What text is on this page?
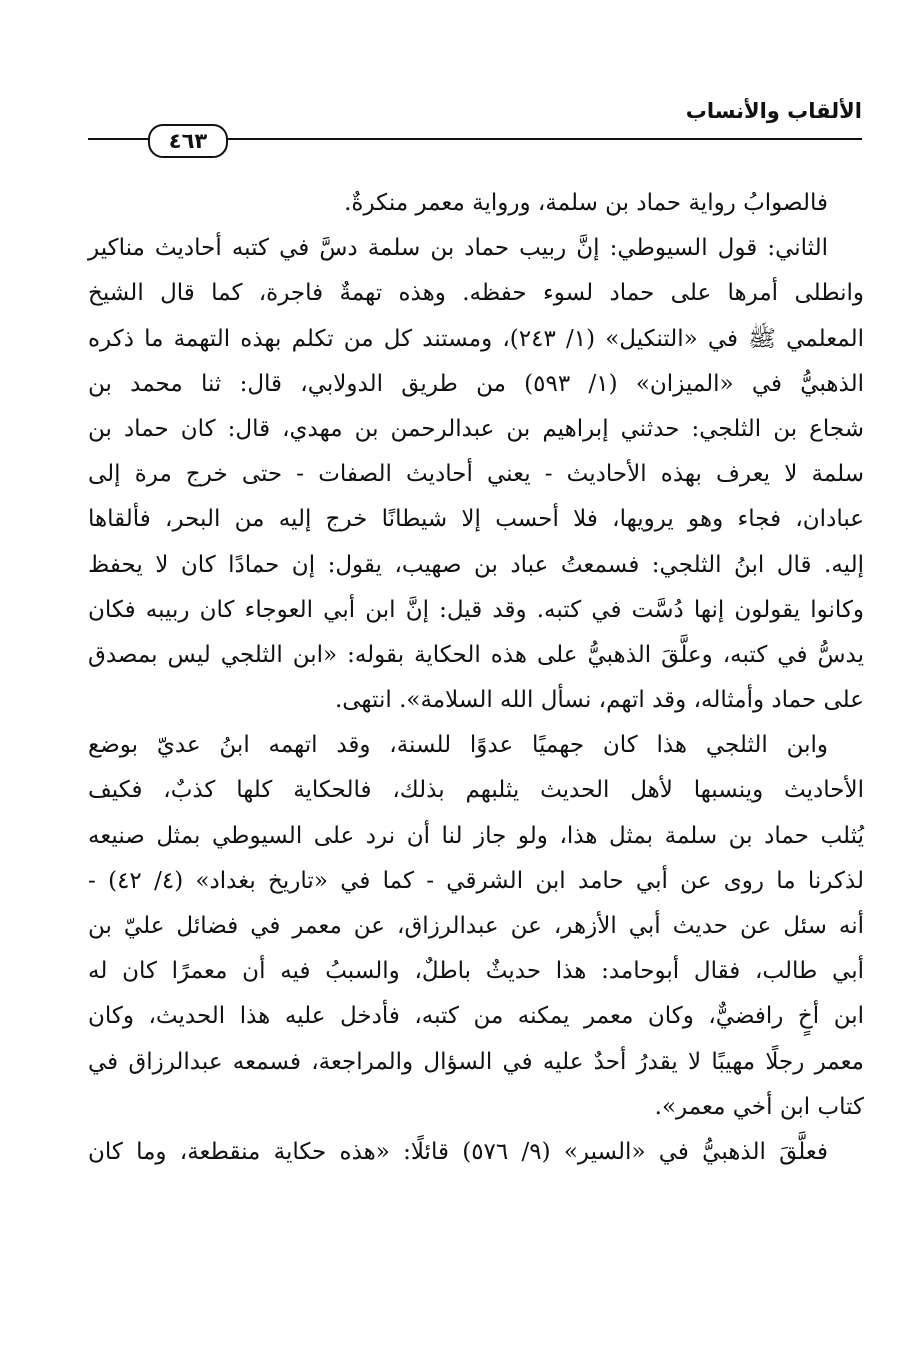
الألقاب والأنساب
٤٦٣
فالصوابُ رواية حماد بن سلمة، ورواية معمر منكرةٌ.
الثاني: قول السيوطي: إنَّ ربيب حماد بن سلمة دسَّ في كتبه أحاديث مناكير
وانطلى أمرها على حماد لسوء حفظه. وهذه تهمةٌ فاجرة، كما قال الشيخ
المعلمي ﷺ في «التنكيل» (١/ ٢٤٣)، ومستند كل من تكلم بهذه التهمة ما ذكره
الذهبيُّ في «الميزان» (١/ ٥٩٣) من طريق الدولابي، قال: ثنا محمد بن
شجاع بن الثلجي: حدثني إبراهيم بن عبدالرحمن بن مهدي، قال: كان حماد بن
سلمة لا يعرف بهذه الأحاديث - يعني أحاديث الصفات - حتى خرج مرة إلى
عبادان، فجاء وهو يرويها، فلا أحسب إلا شيطانًا خرج إليه من البحر، فألقاها
إليه. قال ابنُ الثلجي: فسمعتُ عباد بن صهيب، يقول: إن حمادًا كان لا يحفظ
وكانوا يقولون إنها دُسَّت في كتبه. وقد قيل: إنَّ ابن أبي العوجاء كان ربيبه فكان
يدسُّ في كتبه، وعلَّقَ الذهبيُّ على هذه الحكاية بقوله: «ابن الثلجي ليس بمصدق
على حماد وأمثاله، وقد اتهم، نسأل الله السلامة». انتهى.
وابن الثلجي هذا كان جهميًا عدوًا للسنة، وقد اتهمه ابنُ عديّ بوضع
الأحاديث وينسبها لأهل الحديث يثلبهم بذلك، فالحكاية كلها كذبٌ، فكيف
يُثلب حماد بن سلمة بمثل هذا، ولو جاز لنا أن نرد على السيوطي بمثل صنيعه
لذكرنا ما روى عن أبي حامد ابن الشرقي - كما في «تاريخ بغداد» (٤/ ٤٢) -
أنه سئل عن حديث أبي الأزهر، عن عبدالرزاق، عن معمر في فضائل عليّ بن
أبي طالب، فقال أبوحامد: هذا حديثٌ باطلٌ، والسببُ فيه أن معمرًا كان له
ابن أخٍ رافضيٌّ، وكان معمر يمكنه من كتبه، فأدخل عليه هذا الحديث، وكان
معمر رجلًا مهيبًا لا يقدرُ أحدٌ عليه في السؤال والمراجعة، فسمعه عبدالرزاق في
كتاب ابن أخي معمر».
فعلَّقَ الذهبيُّ في «السير» (٩/ ٥٧٦) قائلًا: «هذه حكاية منقطعة، وما كان
